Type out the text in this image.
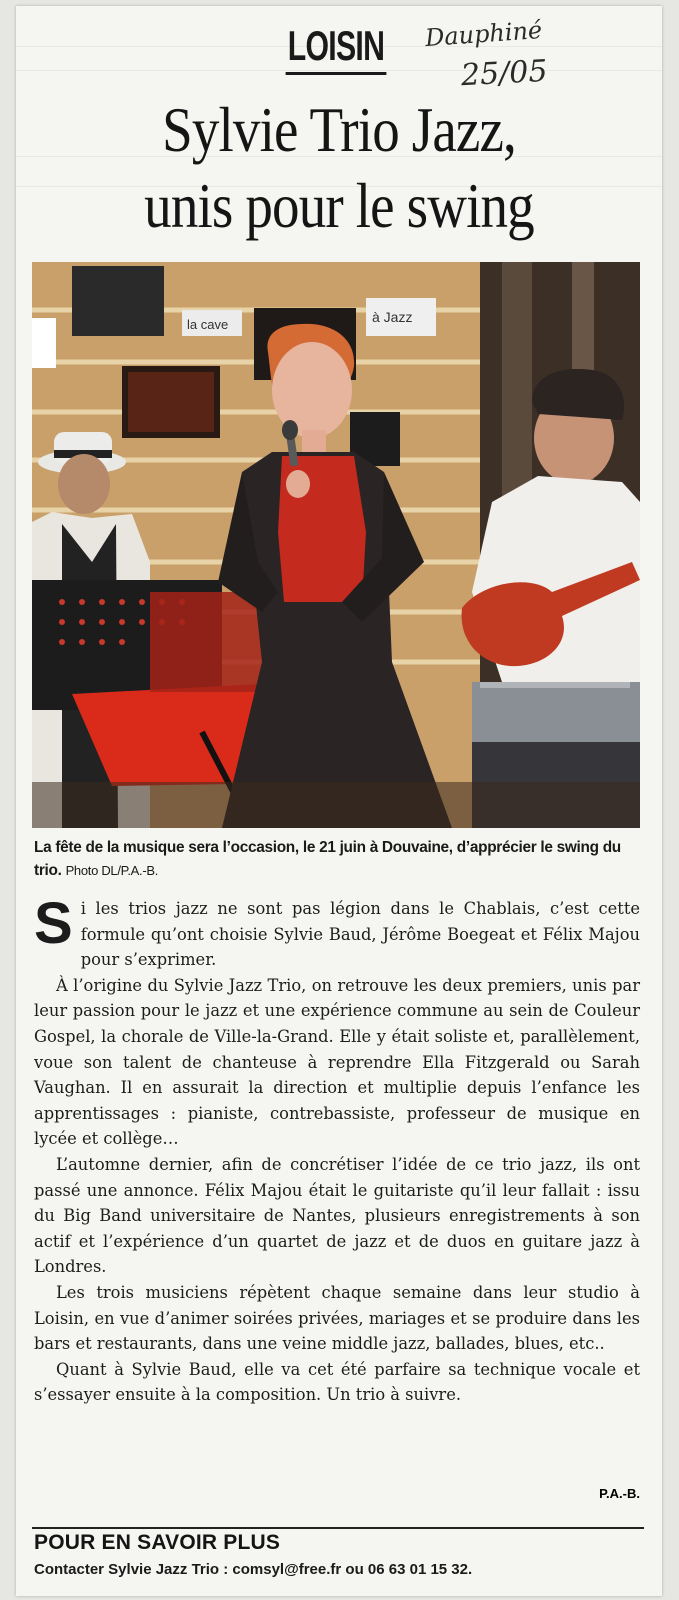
LOISIN Dauphiné
25/05
Sylvie Trio Jazz,
unis pour le swing
la cave	à Jazz
La fête de la musique sera l’occasion, le 21 juin à Douvaine, d’apprécier le swing du trio. Photo DL/P.A.-B.

Si les trios jazz ne sont pas légion dans le Chablais, c’est cette formule qu’ont choisie Sylvie Baud, Jérôme Boegeat et Félix Majou pour s’exprimer.

À l’origine du Sylvie Jazz Trio, on retrouve les deux premiers, unis par leur passion pour le jazz et une expérience commune au sein de Couleur Gospel, la chorale de Ville-la-Grand. Elle y était soliste et, parallèlement, voue son talent de chanteuse à reprendre Ella Fitzgerald ou Sarah Vaughan. Il en assurait la direction et multiplie depuis l’enfance les apprentissages : pianiste, contrebassiste, professeur de musique en lycée et collège…

L’automne dernier, afin de concrétiser l’idée de ce trio jazz, ils ont passé une annonce. Félix Majou était le guitariste qu’il leur fallait : issu du Big Band universitaire de Nantes, plusieurs enregistrements à son actif et l’expérience d’un quartet de jazz et de duos en guitare jazz à Londres.

Les trois musiciens répètent chaque semaine dans leur studio à Loisin, en vue d’animer soirées privées, mariages et se produire dans les bars et restaurants, dans une veine middle jazz, ballades, blues, etc..

Quant à Sylvie Baud, elle va cet été parfaire sa technique vocale et s’essayer ensuite à la composition. Un trio à suivre.

P.A.-B.
POUR EN SAVOIR PLUS
Contacter Sylvie Jazz Trio : comsyl@free.fr ou 06 63 01 15 32.
